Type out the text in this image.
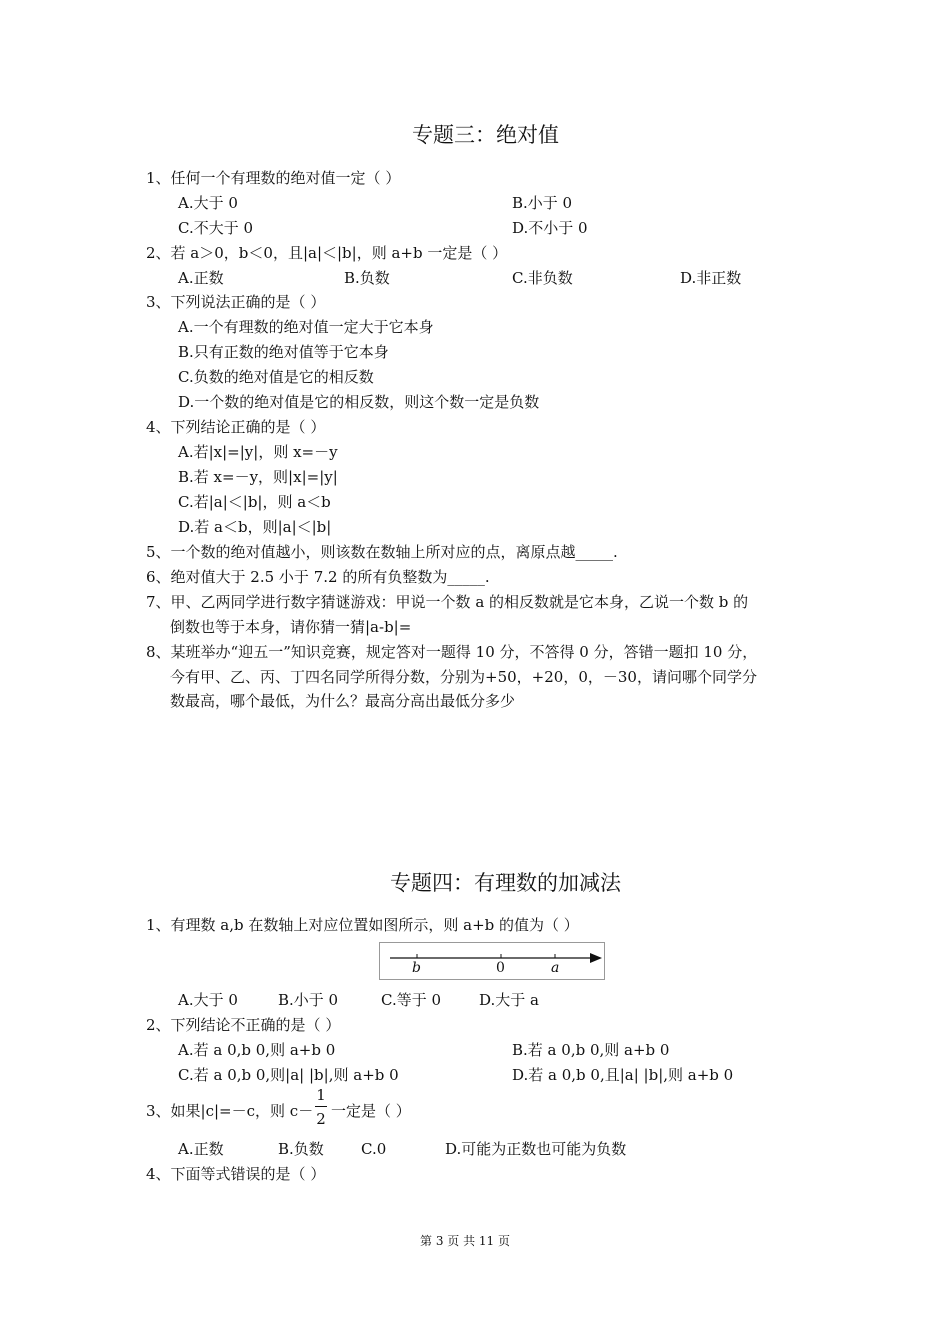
专题三：绝对值
1、任何一个有理数的绝对值一定（ ）
A.大于 0	B.小于 0
C.不大于 0	D.不小于 0
2、若 a＞0，b＜0，且|a|＜|b|，则 a+b 一定是（ ）
A.正数	B.负数	C.非负数	D.非正数
3、下列说法正确的是（ ）
A.一个有理数的绝对值一定大于它本身
B.只有正数的绝对值等于它本身
C.负数的绝对值是它的相反数
D.一个数的绝对值是它的相反数，则这个数一定是负数
4、下列结论正确的是（ ）
A.若|x|=|y|，则 x=－y
B.若 x=－y，则|x|=|y|
C.若|a|＜|b|，则 a＜b
D.若 a＜b，则|a|＜|b|
5、一个数的绝对值越小，则该数在数轴上所对应的点，离原点越_____.
6、绝对值大于 2.5 小于 7.2 的所有负整数为_____.
7、甲、乙两同学进行数字猜谜游戏：甲说一个数 a 的相反数就是它本身，乙说一个数 b 的
倒数也等于本身，请你猜一猜|a-b|=
8、某班举办“迎五一”知识竞赛，规定答对一题得 10 分，不答得 0 分，答错一题扣 10 分，
今有甲、乙、丙、丁四名同学所得分数，分别为+50，+20，0，－30，请问哪个同学分
数最高，哪个最低，为什么？最高分高出最低分多少
专题四：有理数的加减法
1、有理数 a,b 在数轴上对应位置如图所示，则 a+b 的值为（ ）
b	0	a
A.大于 0	B.小于 0	C.等于 0	D.大于 a
2、下列结论不正确的是（ ）
A.若 a 0,b 0,则 a+b 0	B.若 a 0,b 0,则 a+b 0
C.若 a 0,b 0,则|a| |b|,则 a+b 0	D.若 a 0,b 0,且|a| |b|,则 a+b 0
3、如果|c|=－c，则 c－
1
2 一定是（ ）
A.正数	B.负数 C.0	D.可能为正数也可能为负数
4、下面等式错误的是（ ）
第 3 页 共 11 页
